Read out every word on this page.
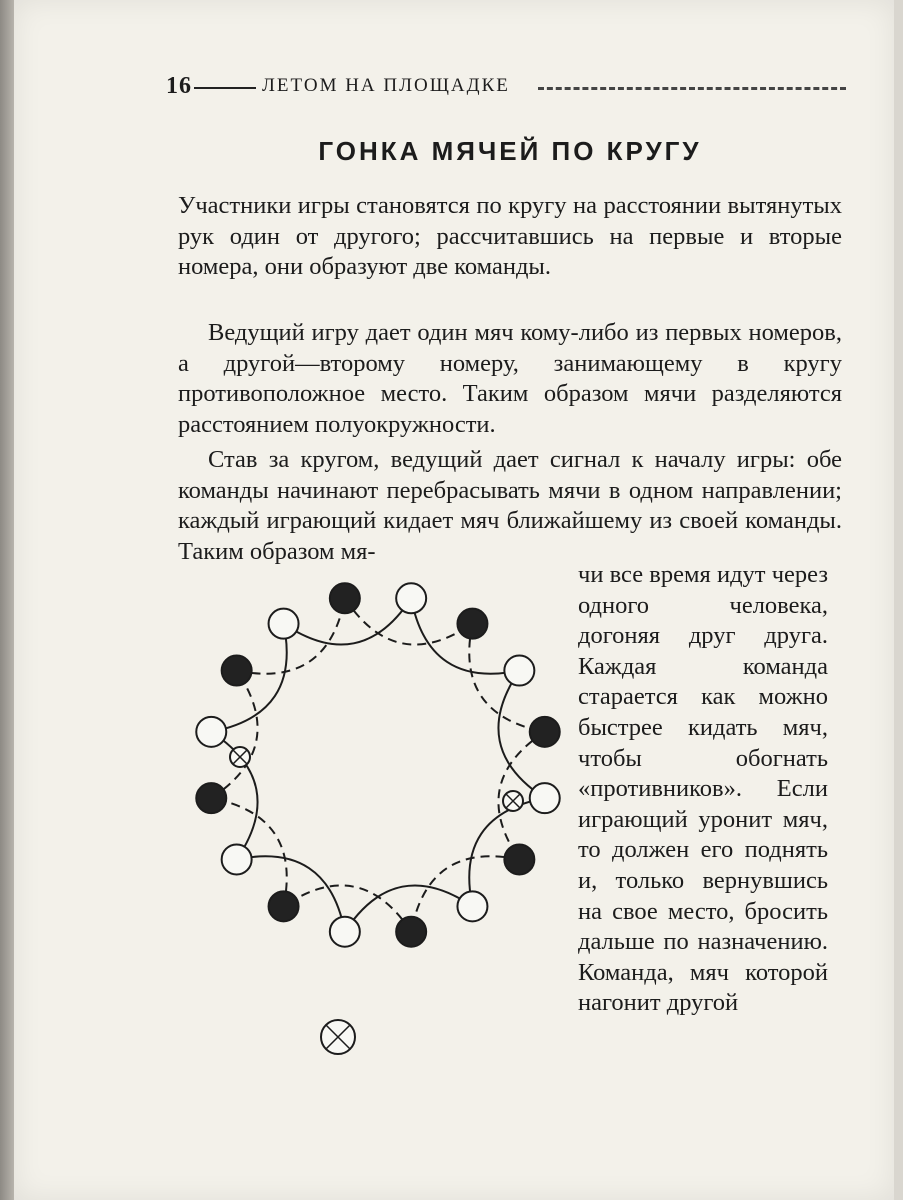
16	ЛЕТОМ НА ПЛОЩАДКЕ
ГОНКА МЯЧЕЙ ПО КРУГУ

Участники игры становятся по кругу на расстоянии вытянутых рук один от другого; рассчитавшись на первые и вторые номера, они образуют две команды.

Ведущий игру дает один мяч кому-либо из первых номеров, а другой—второму номеру, занимающему в кругу противоположное место. Таким образом мячи разделяются расстоянием полуокружности.

Став за кругом, ведущий дает сигнал к началу игры: обе команды начинают перебрасывать мячи в одном направлении; каждый играющий кидает мяч ближайшему из своей команды. Таким образом мя-

чи все время идут через одного человека, догоняя друг друга. Каждая команда старается как можно быстрее кидать мяч, чтобы обогнать «противников». Если играющий уронит мяч, то должен его поднять и, только вернувшись на свое место, бросить дальше по назначению. Команда, мяч которой нагонит другой
